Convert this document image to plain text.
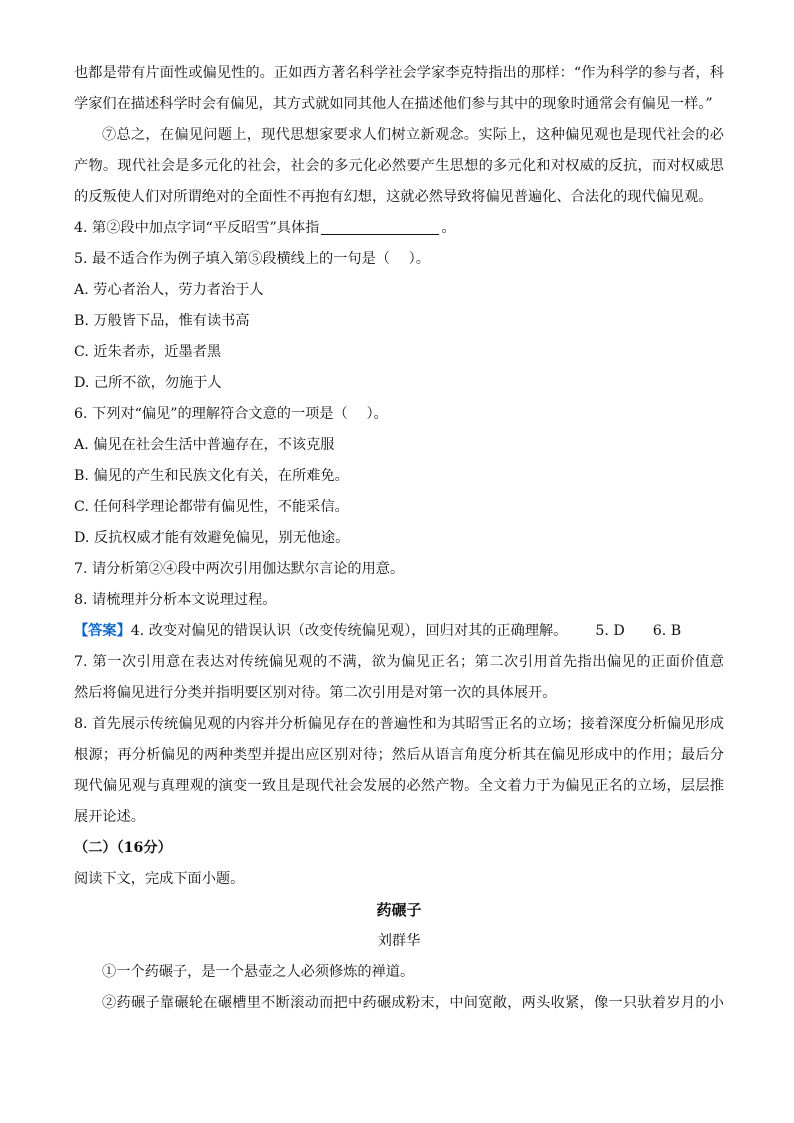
也都是带有片面性或偏见性的。正如西方著名科学社会学家李克特指出的那样：“作为科学的参与者，科
学家们在描述科学时会有偏见，其方式就如同其他人在描述他们参与其中的现象时通常会有偏见一样。”
⑦总之，在偏见问题上，现代思想家要求人们树立新观念。实际上，这种偏见观也是现代社会的必
产物。现代社会是多元化的社会，社会的多元化必然要产生思想的多元化和对权威的反抗，而对权威思
的反叛使人们对所谓绝对的全面性不再抱有幻想，这就必然导致将偏见普遍化、合法化的现代偏见观。
4. 第②段中加点字词“平反昭雪”具体指	。
5. 最不适合作为例子填入第⑤段横线上的一句是（　 ）。
A. 劳心者治人，劳力者治于人
B. 万般皆下品，惟有读书高
C. 近朱者赤，近墨者黑
D. 己所不欲，勿施于人
6. 下列对“偏见”的理解符合文意的一项是（　 ）。
A. 偏见在社会生活中普遍存在，不该克服
B. 偏见的产生和民族文化有关，在所难免。
C. 任何科学理论都带有偏见性，不能采信。
D. 反抗权威才能有效避免偏见，别无他途。
7. 请分析第②④段中两次引用伽达默尔言论的用意。
8. 请梳理并分析本文说理过程。
【答案】4. 改变对偏见的错误认识（改变传统偏见观），回归对其的正确理解。 5. D 6. B
7. 第一次引用意在表达对传统偏见观的不满，欲为偏见正名；第二次引用首先指出偏见的正面价值意
然后将偏见进行分类并指明要区别对待。第二次引用是对第一次的具体展开。
8. 首先展示传统偏见观的内容并分析偏见存在的普遍性和为其昭雪正名的立场；接着深度分析偏见形成
根源；再分析偏见的两种类型并提出应区别对待；然后从语言角度分析其在偏见形成中的作用；最后分
现代偏见观与真理观的演变一致且是现代社会发展的必然产物。全文着力于为偏见正名的立场，层层推
展开论述。
（二）（16分）
阅读下文，完成下面小题。
药碾子
刘群华
①一个药碾子，是一个悬壶之人必须修炼的禅道。
②药碾子靠碾轮在碾槽里不断滚动而把中药碾成粉末，中间宽敞，两头收紧，像一只驮着岁月的小
